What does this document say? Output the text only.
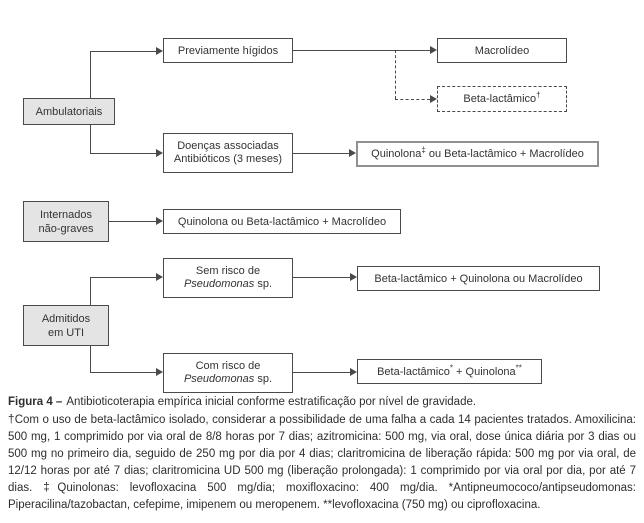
Ambulatoriais
Previamente hígidos
Doenças associadas
Antibióticos (3 meses)
Macrolídeo
Beta-lactâmico†
Quinolona‡ ou Beta-lactâmico + Macrolídeo
Internados
não-graves
Quinolona ou Beta-lactâmico + Macrolídeo
Sem risco de
Pseudomonas sp.
Admitidos
em UTI
Com risco de
Pseudomonas sp.
Beta-lactâmico + Quinolona ou Macrolídeo
Beta-lactâmico* + Quinolona**
Figura 4 – Antibioticoterapia empírica inicial conforme estratificação por nível de gravidade.
†Com o uso de beta-lactâmico isolado, considerar a possibilidade de uma falha a cada 14 pacientes tratados. Amoxilicina: 500 mg, 1 comprimido por via oral de 8/8 horas por 7 dias; azitromicina: 500 mg, via oral, dose única diária por 3 dias ou 500 mg no primeiro dia, seguido de 250 mg por dia por 4 dias; claritromicina de liberação rápida: 500 mg por via oral, de 12/12 horas por até 7 dias; claritromicina UD 500 mg (liberação prolongada): 1 comprimido por via oral por dia, por até 7 dias. ‡Quinolonas: levofloxacina 500 mg/dia; moxifloxacino: 400 mg/dia. *Antipneumococo/antipseudomonas: Piperacilina/tazobactan, cefepime, imipenem ou meropenem. **levofloxacina (750 mg) ou ciprofloxacina.
